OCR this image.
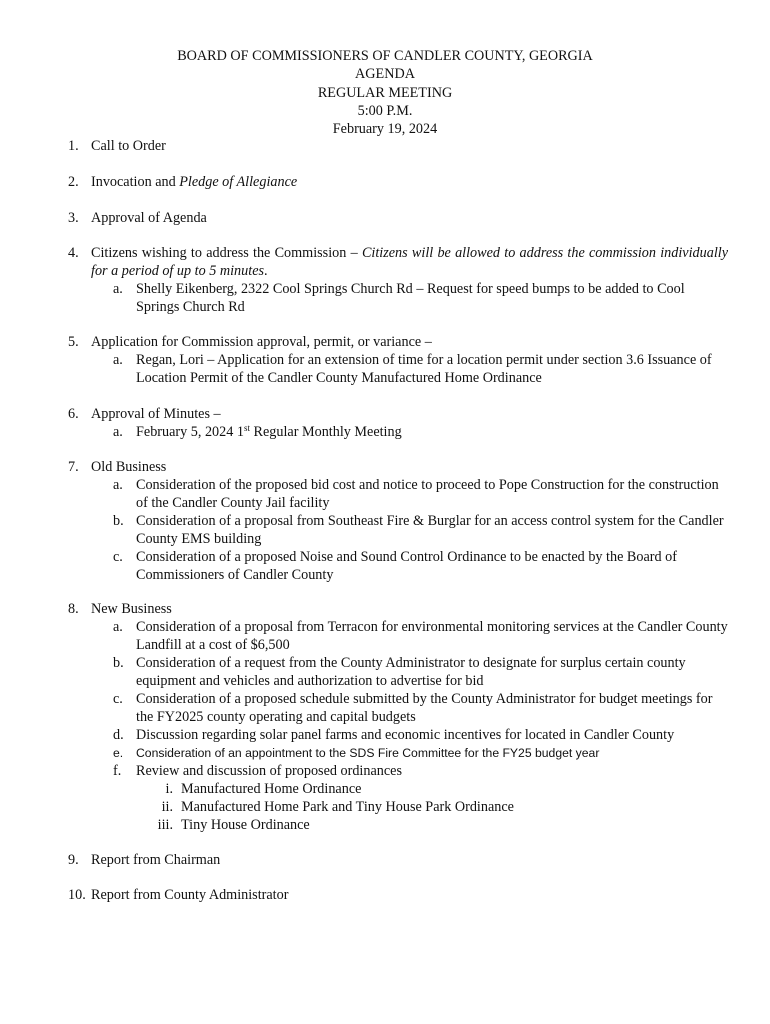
BOARD OF COMMISSIONERS OF CANDLER COUNTY, GEORGIA
AGENDA
REGULAR MEETING
5:00 P.M.
February 19, 2024
1. Call to Order
2. Invocation and Pledge of Allegiance
3. Approval of Agenda
4. Citizens wishing to address the Commission – Citizens will be allowed to address the commission individually for a period of up to 5 minutes.
a. Shelly Eikenberg, 2322 Cool Springs Church Rd – Request for speed bumps to be added to Cool Springs Church Rd
5. Application for Commission approval, permit, or variance –
a. Regan, Lori – Application for an extension of time for a location permit under section 3.6 Issuance of Location Permit of the Candler County Manufactured Home Ordinance
6. Approval of Minutes –
a. February 5, 2024 1st Regular Monthly Meeting
7. Old Business
a. Consideration of the proposed bid cost and notice to proceed to Pope Construction for the construction of the Candler County Jail facility
b. Consideration of a proposal from Southeast Fire & Burglar for an access control system for the Candler County EMS building
c. Consideration of a proposed Noise and Sound Control Ordinance to be enacted by the Board of Commissioners of Candler County
8. New Business
a. Consideration of a proposal from Terracon for environmental monitoring services at the Candler County Landfill at a cost of $6,500
b. Consideration of a request from the County Administrator to designate for surplus certain county equipment and vehicles and authorization to advertise for bid
c. Consideration of a proposed schedule submitted by the County Administrator for budget meetings for the FY2025 county operating and capital budgets
d. Discussion regarding solar panel farms and economic incentives for located in Candler County
e. Consideration of an appointment to the SDS Fire Committee for the FY25 budget year
f. Review and discussion of proposed ordinances
i. Manufactured Home Ordinance
ii. Manufactured Home Park and Tiny House Park Ordinance
iii. Tiny House Ordinance
9. Report from Chairman
10. Report from County Administrator
